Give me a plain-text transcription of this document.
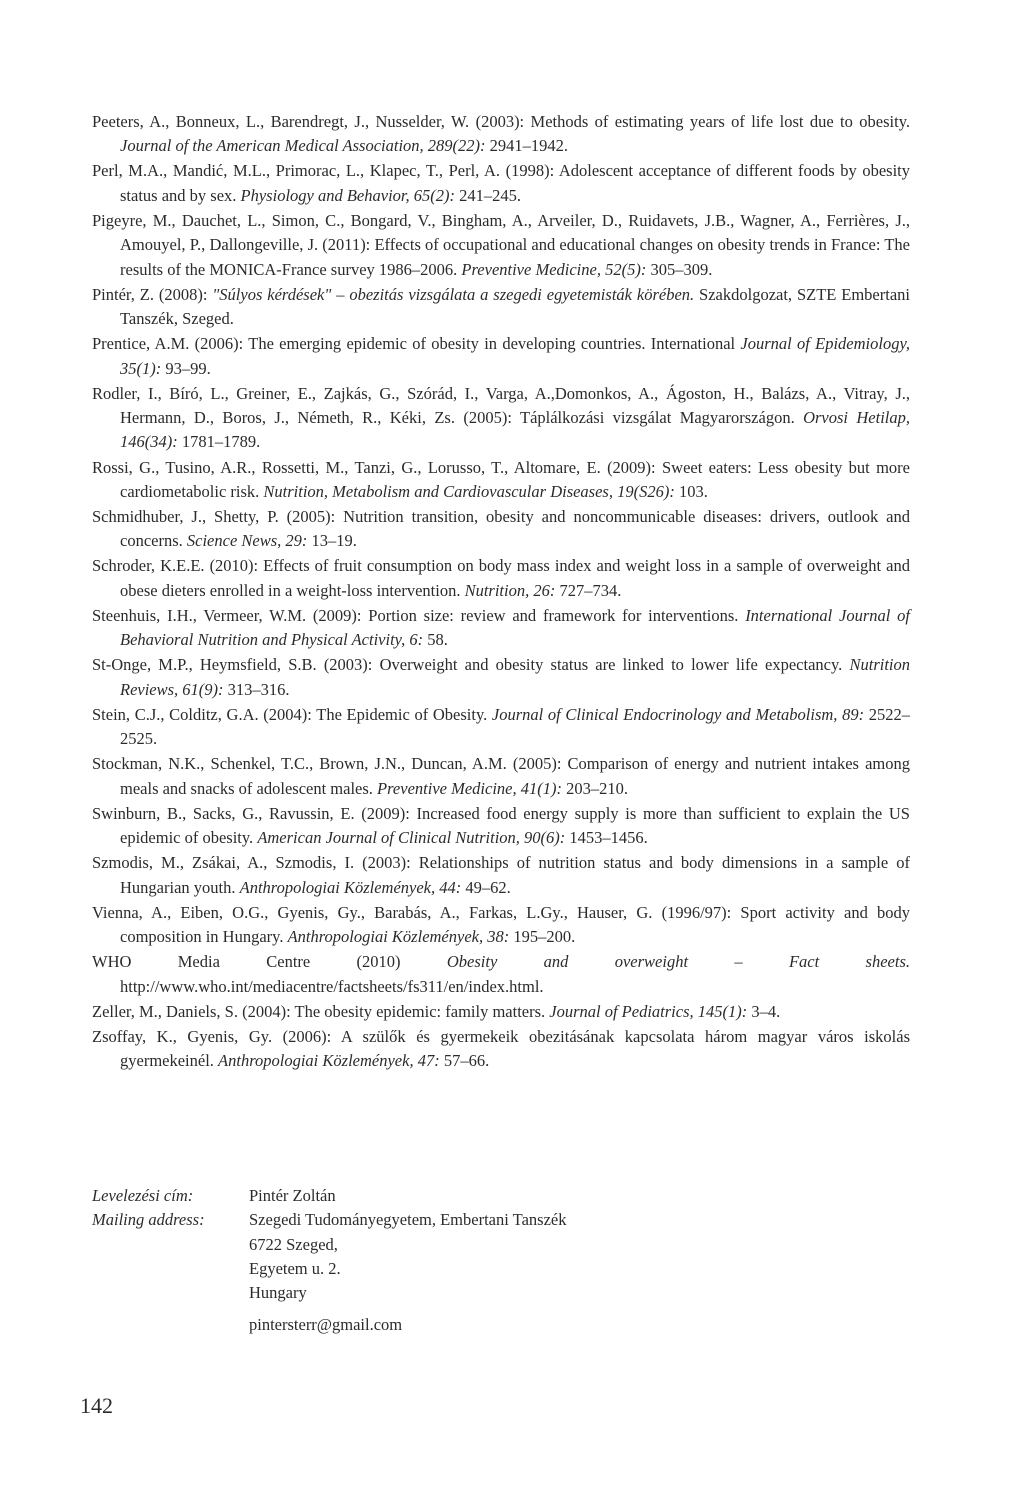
Peeters, A., Bonneux, L., Barendregt, J., Nusselder, W. (2003): Methods of estimating years of life lost due to obesity. Journal of the American Medical Association, 289(22): 2941–1942.
Perl, M.A., Mandić, M.L., Primorac, L., Klapec, T., Perl, A. (1998): Adolescent acceptance of different foods by obesity status and by sex. Physiology and Behavior, 65(2): 241–245.
Pigeyre, M., Dauchet, L., Simon, C., Bongard, V., Bingham, A., Arveiler, D., Ruidavets, J.B., Wagner, A., Ferrières, J., Amouyel, P., Dallongeville, J. (2011): Effects of occupational and educational changes on obesity trends in France: The results of the MONICA-France survey 1986–2006. Preventive Medicine, 52(5): 305–309.
Pintér, Z. (2008): "Súlyos kérdések" – obezitás vizsgálata a szegedi egyetemisták körében. Szakdolgozat, SZTE Embertani Tanszék, Szeged.
Prentice, A.M. (2006): The emerging epidemic of obesity in developing countries. International Journal of Epidemiology, 35(1): 93–99.
Rodler, I., Bíró, L., Greiner, E., Zajkás, G., Szórád, I., Varga, A.,Domonkos, A., Ágoston, H., Balázs, A., Vitray, J., Hermann, D., Boros, J., Németh, R., Kéki, Zs. (2005): Táplálkozási vizsgálat Magyarországon. Orvosi Hetilap, 146(34): 1781–1789.
Rossi, G., Tusino, A.R., Rossetti, M., Tanzi, G., Lorusso, T., Altomare, E. (2009): Sweet eaters: Less obesity but more cardiometabolic risk. Nutrition, Metabolism and Cardiovascular Diseases, 19(S26): 103.
Schmidhuber, J., Shetty, P. (2005): Nutrition transition, obesity and noncommunicable diseases: drivers, outlook and concerns. Science News, 29: 13–19.
Schroder, K.E.E. (2010): Effects of fruit consumption on body mass index and weight loss in a sample of overweight and obese dieters enrolled in a weight-loss intervention. Nutrition, 26: 727–734.
Steenhuis, I.H., Vermeer, W.M. (2009): Portion size: review and framework for interventions. International Journal of Behavioral Nutrition and Physical Activity, 6: 58.
St-Onge, M.P., Heymsfield, S.B. (2003): Overweight and obesity status are linked to lower life expectancy. Nutrition Reviews, 61(9): 313–316.
Stein, C.J., Colditz, G.A. (2004): The Epidemic of Obesity. Journal of Clinical Endocrinology and Metabolism, 89: 2522–2525.
Stockman, N.K., Schenkel, T.C., Brown, J.N., Duncan, A.M. (2005): Comparison of energy and nutrient intakes among meals and snacks of adolescent males. Preventive Medicine, 41(1): 203–210.
Swinburn, B., Sacks, G., Ravussin, E. (2009): Increased food energy supply is more than sufficient to explain the US epidemic of obesity. American Journal of Clinical Nutrition, 90(6): 1453–1456.
Szmodis, M., Zsákai, A., Szmodis, I. (2003): Relationships of nutrition status and body dimensions in a sample of Hungarian youth. Anthropologiai Közlemények, 44: 49–62.
Vienna, A., Eiben, O.G., Gyenis, Gy., Barabás, A., Farkas, L.Gy., Hauser, G. (1996/97): Sport activity and body composition in Hungary. Anthropologiai Közlemények, 38: 195–200.
WHO Media Centre (2010) Obesity and overweight – Fact sheets. http://www.who.int/mediacentre/factsheets/fs311/en/index.html.
Zeller, M., Daniels, S. (2004): The obesity epidemic: family matters. Journal of Pediatrics, 145(1): 3–4.
Zsoffay, K., Gyenis, Gy. (2006): A szülők és gyermekeik obezitásának kapcsolata három magyar város iskolás gyermekeinél. Anthropologiai Közlemények, 47: 57–66.
Levelezési cím:	Pintér Zoltán
Mailing address:	Szegedi Tudományegyetem, Embertani Tanszék
6722 Szeged,
Egyetem u. 2.
Hungary
pintersterr@gmail.com
142
